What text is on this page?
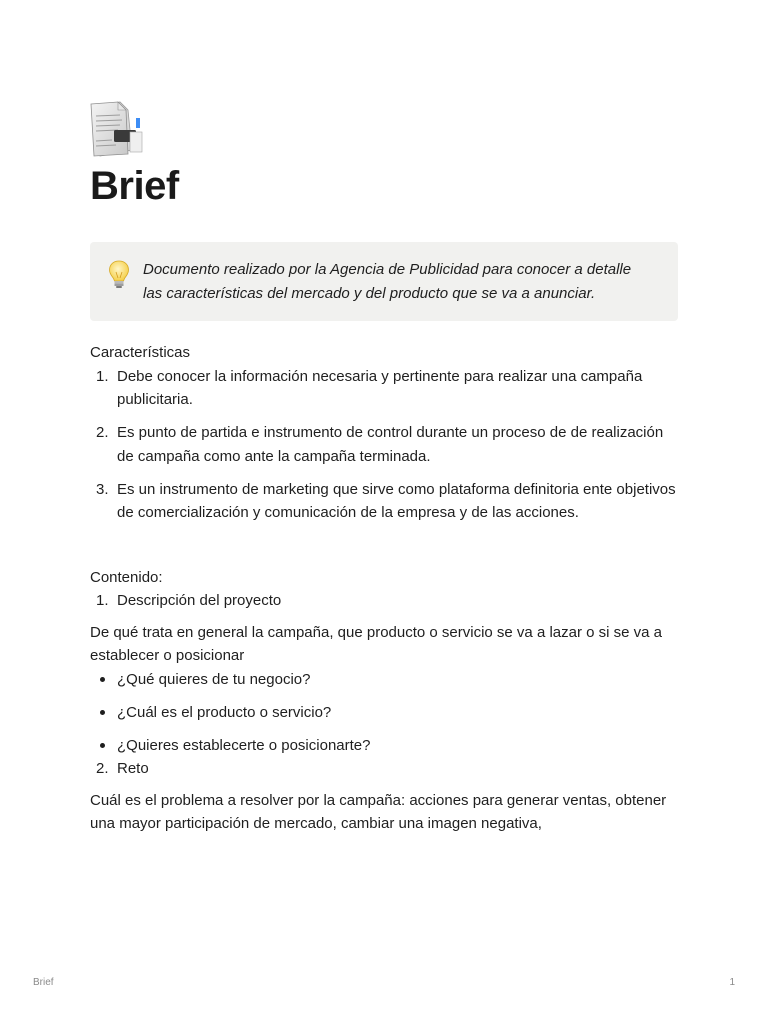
Brief
Documento realizado por la Agencia de Publicidad para conocer a detalle las características del mercado y del producto que se va a anunciar.

Características

1. Debe conocer la información necesaria y pertinente para realizar una campaña publicitaria.
2. Es punto de partida e instrumento de control durante un proceso de de realización de campaña como ante la campaña terminada.
3. Es un instrumento de marketing que sirve como plataforma definitoria ente objetivos de comercialización y comunicación de la empresa y de las acciones.

Contenido:

1. Descripción del proyecto

De qué trata en general la campaña, que producto o servicio se va a lazar o si se va a establecer o posicionar

¿Qué quieres de tu negocio?
¿Cuál es el producto o servicio?
¿Quieres establecerte o posicionarte?
2. Reto

Cuál es el problema a resolver por la campaña: acciones para generar ventas, obtener una mayor participación de mercado, cambiar una imagen negativa,

Brief	1
